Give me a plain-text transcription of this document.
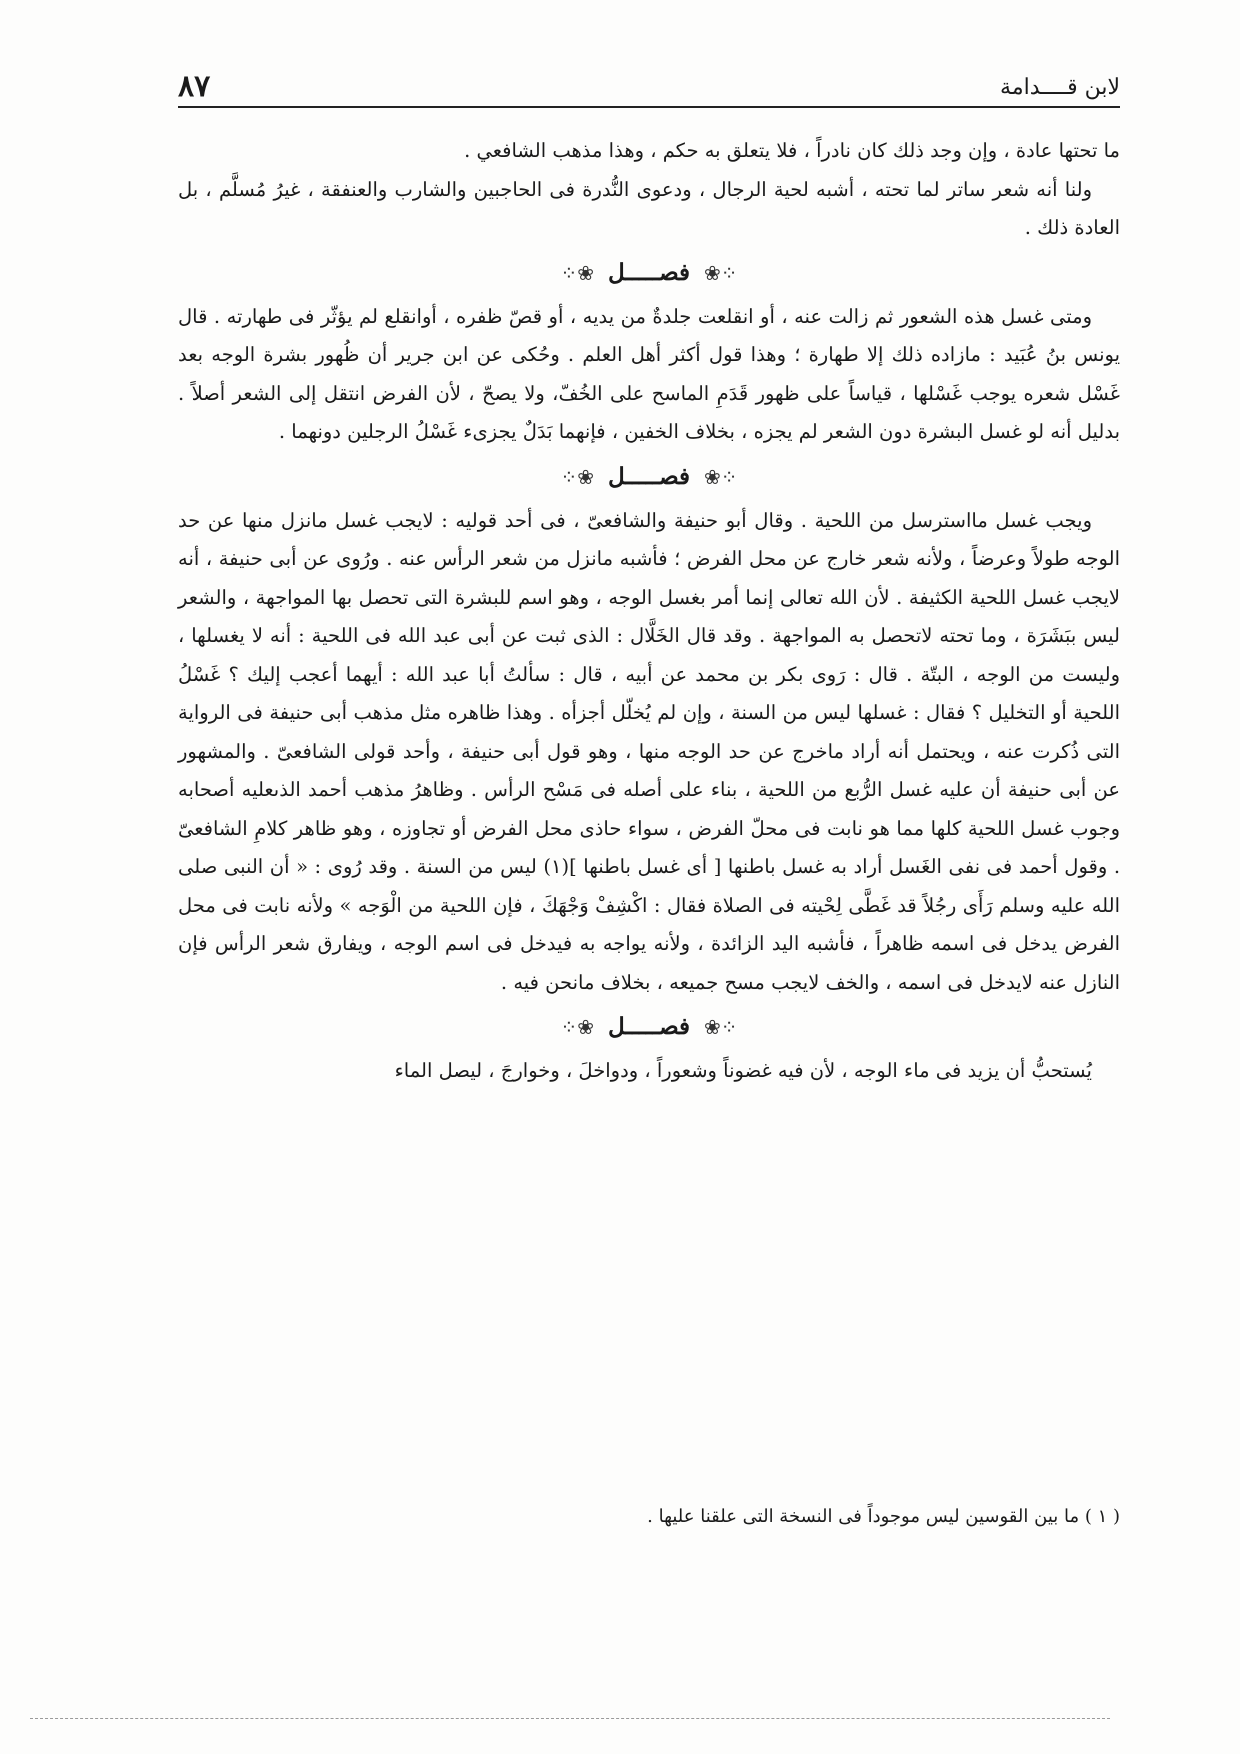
لابن قــــدامة
٨٧

ما تحتها عادة ، وإن وجد ذلك كان نادراً ، فلا يتعلق به حكم ، وهذا مذهب الشافعي .

ولنا أنه شعر ساتر لما تحته ، أشبه لحية الرجال ، ودعوى النُّدرة فى الحاجبين والشارب والعنفقة ، غيرُ مُسلَّم ، بل العادة ذلك .

⁘❀فصـــــل❀⁘

ومتى غسل هذه الشعور ثم زالت عنه ، أو انقلعت جلدةٌ من يديه ، أو قصّ ظفره ، أوانقلع لم يؤثّر فى طهارته . قال يونس بنُ عُبَيد : مازاده ذلك إلا طهارة ؛ وهذا قول أكثر أهل العلم . وحُكى عن ابن جرير أن ظُهور بشرة الوجه بعد غَسْل شعره يوجب غَسْلها ، قياساً على ظهور قَدَمِ الماسح على الخُفّ، ولا يصحّ ، لأن الفرض انتقل إلى الشعر أصلاً . بدليل أنه لو غسل البشرة دون الشعر لم يجزه ، بخلاف الخفين ، فإنهما بَدَلٌ يجزىء غَسْلُ الرجلين دونهما .

⁘❀فصـــــل❀⁘

ويجب غسل مااسترسل من اللحية . وقال أبو حنيفة والشافعىّ ، فى أحد قوليه : لايجب غسل مانزل منها عن حد الوجه طولاً وعرضاً ، ولأنه شعر خارج عن محل الفرض ؛ فأشبه مانزل من شعر الرأس عنه . ورُوى عن أبى حنيفة ، أنه لايجب غسل اللحية الكثيفة . لأن الله تعالى إنما أمر بغسل الوجه ، وهو اسم للبشرة التى تحصل بها المواجهة ، والشعر ليس ببَشَرَة ، وما تحته لاتحصل به المواجهة . وقد قال الخَلَّال : الذى ثبت عن أبى عبد الله فى اللحية : أنه لا يغسلها ، وليست من الوجه ، البتّة . قال : رَوى بكر بن محمد عن أبيه ، قال : سألتُ أبا عبد الله : أيهما أعجب إليك ؟ غَسْلُ اللحية أو التخليل ؟ فقال : غسلها ليس من السنة ، وإن لم يُخلّل أجزأه . وهذا ظاهره مثل مذهب أبى حنيفة فى الرواية التى ذُكرت عنه ، ويحتمل أنه أراد ماخرج عن حد الوجه منها ، وهو قول أبى حنيفة ، وأحد قولى الشافعىّ . والمشهور عن أبى حنيفة أن عليه غسل الرُّبع من اللحية ، بناء على أصله فى مَسْح الرأس . وظاهرُ مذهب أحمد الذىعليه أصحابه وجوب غسل اللحية كلها مما هو نابت فى محلّ الفرض ، سواء حاذى محل الفرض أو تجاوزه ، وهو ظاهر كلامِ الشافعىّ . وقول أحمد فى نفى الغَسل أراد به غسل باطنها [ أى غسل باطنها ](١) ليس من السنة . وقد رُوى : « أن النبى صلى الله عليه وسلم رَأَى رجُلاً قد غَطَّى لِحْيته فى الصلاة فقال : اكْشِفْ وَجْهَكَ ، فإن اللحية من الْوَجه » ولأنه نابت فى محل الفرض يدخل فى اسمه ظاهراً ، فأشبه اليد الزائدة ، ولأنه يواجه به فيدخل فى اسم الوجه ، ويفارق شعر الرأس فإن النازل عنه لايدخل فى اسمه ، والخف لايجب مسح جميعه ، بخلاف مانحن فيه .

⁘❀فصـــــل❀⁘

يُستحبُّ أن يزيد فى ماء الوجه ، لأن فيه غضوناً وشعوراً ، ودواخلَ ، وخوارجَ ، ليصل الماء

( ١ ) ما بين القوسين ليس موجوداً فى النسخة التى علقنا عليها .
